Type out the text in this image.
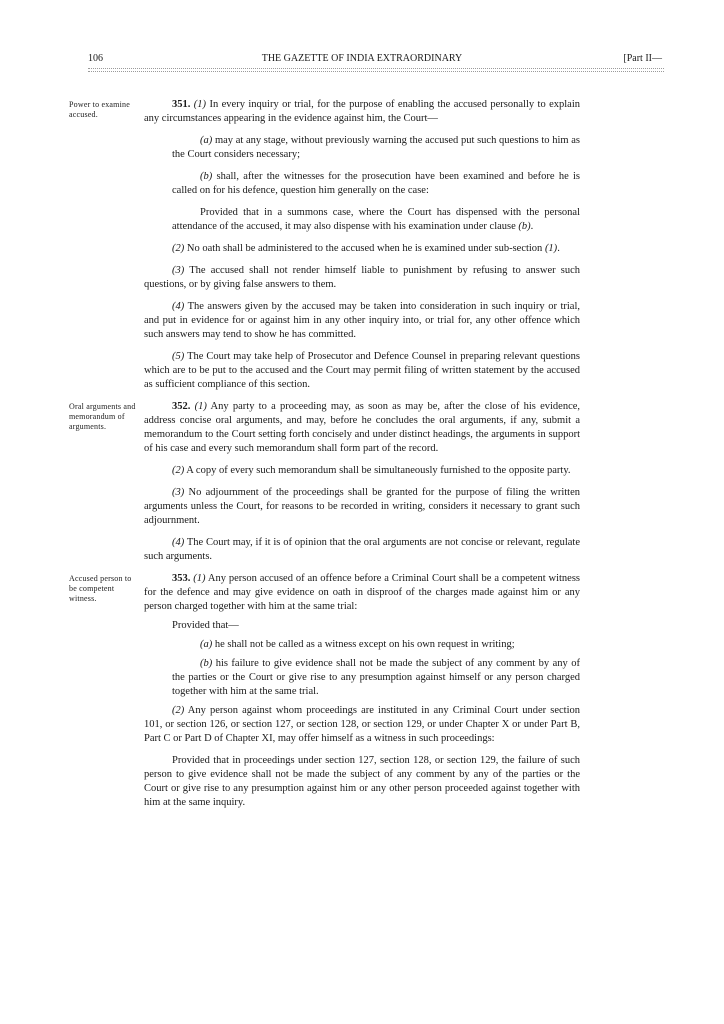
106	THE GAZETTE OF INDIA EXTRAORDINARY	[Part II—

Power to examine accused.
351. (1) In every inquiry or trial, for the purpose of enabling the accused personally to explain any circumstances appearing in the evidence against him, the Court—

(a) may at any stage, without previously warning the accused put such questions to him as the Court considers necessary;

(b) shall, after the witnesses for the prosecution have been examined and before he is called on for his defence, question him generally on the case:

Provided that in a summons case, where the Court has dispensed with the personal attendance of the accused, it may also dispense with his examination under clause (b).

(2) No oath shall be administered to the accused when he is examined under sub-section (1).

(3) The accused shall not render himself liable to punishment by refusing to answer such questions, or by giving false answers to them.

(4) The answers given by the accused may be taken into consideration in such inquiry or trial, and put in evidence for or against him in any other inquiry into, or trial for, any other offence which such answers may tend to show he has committed.

(5) The Court may take help of Prosecutor and Defence Counsel in preparing relevant questions which are to be put to the accused and the Court may permit filing of written statement by the accused as sufficient compliance of this section.

Oral arguments and memorandum of arguments.
352. (1) Any party to a proceeding may, as soon as may be, after the close of his evidence, address concise oral arguments, and may, before he concludes the oral arguments, if any, submit a memorandum to the Court setting forth concisely and under distinct headings, the arguments in support of his case and every such memorandum shall form part of the record.

(2) A copy of every such memorandum shall be simultaneously furnished to the opposite party.

(3) No adjournment of the proceedings shall be granted for the purpose of filing the written arguments unless the Court, for reasons to be recorded in writing, considers it necessary to grant such adjournment.

(4) The Court may, if it is of opinion that the oral arguments are not concise or relevant, regulate such arguments.

Accused person to be competent witness.
353. (1) Any person accused of an offence before a Criminal Court shall be a competent witness for the defence and may give evidence on oath in disproof of the charges made against him or any person charged together with him at the same trial:

Provided that—

(a) he shall not be called as a witness except on his own request in writing;

(b) his failure to give evidence shall not be made the subject of any comment by any of the parties or the Court or give rise to any presumption against himself or any person charged together with him at the same trial.

(2) Any person against whom proceedings are instituted in any Criminal Court under section 101, or section 126, or section 127, or section 128, or section 129, or under Chapter X or under Part B, Part C or Part D of Chapter XI, may offer himself as a witness in such proceedings:

Provided that in proceedings under section 127, section 128, or section 129, the failure of such person to give evidence shall not be made the subject of any comment by any of the parties or the Court or give rise to any presumption against him or any other person proceeded against together with him at the same inquiry.
